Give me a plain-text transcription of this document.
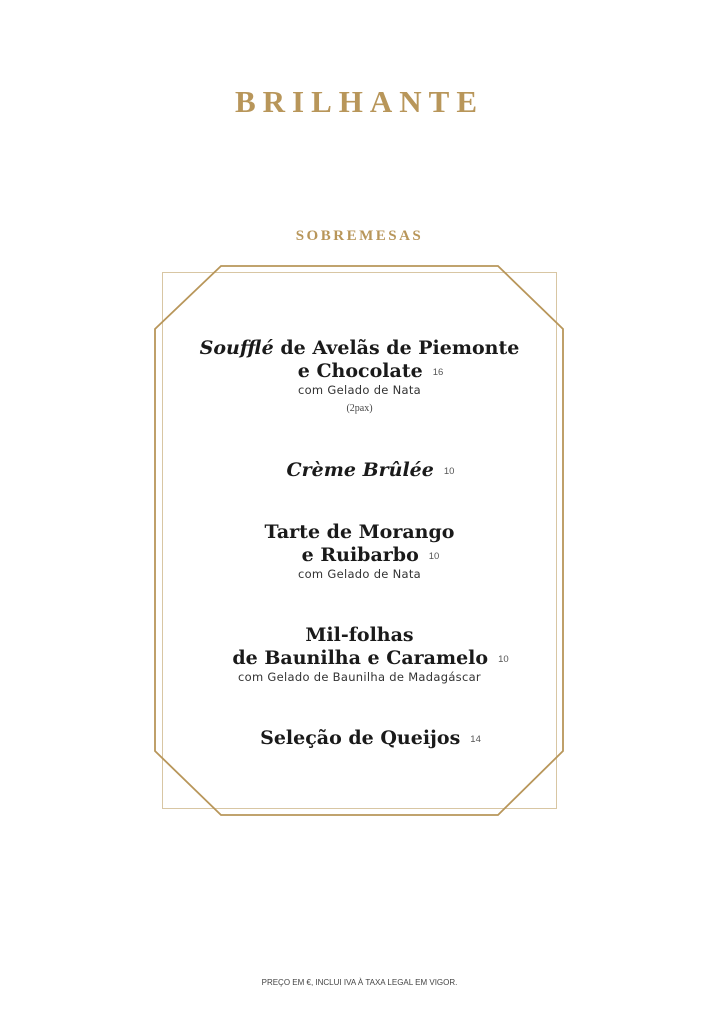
BRILHANTE
SOBREMESAS
Soufflé de Avelãs de Piemonte
e Chocolate 16
com Gelado de Nata
(2pax)
Crème Brûlée 10
Tarte de Morango
e Ruibarbo 10
com Gelado de Nata
Mil-folhas
de Baunilha e Caramelo 10
com Gelado de Baunilha de Madagáscar
Seleção de Queijos 14
PREÇO EM €, INCLUI IVA À TAXA LEGAL EM VIGOR.
